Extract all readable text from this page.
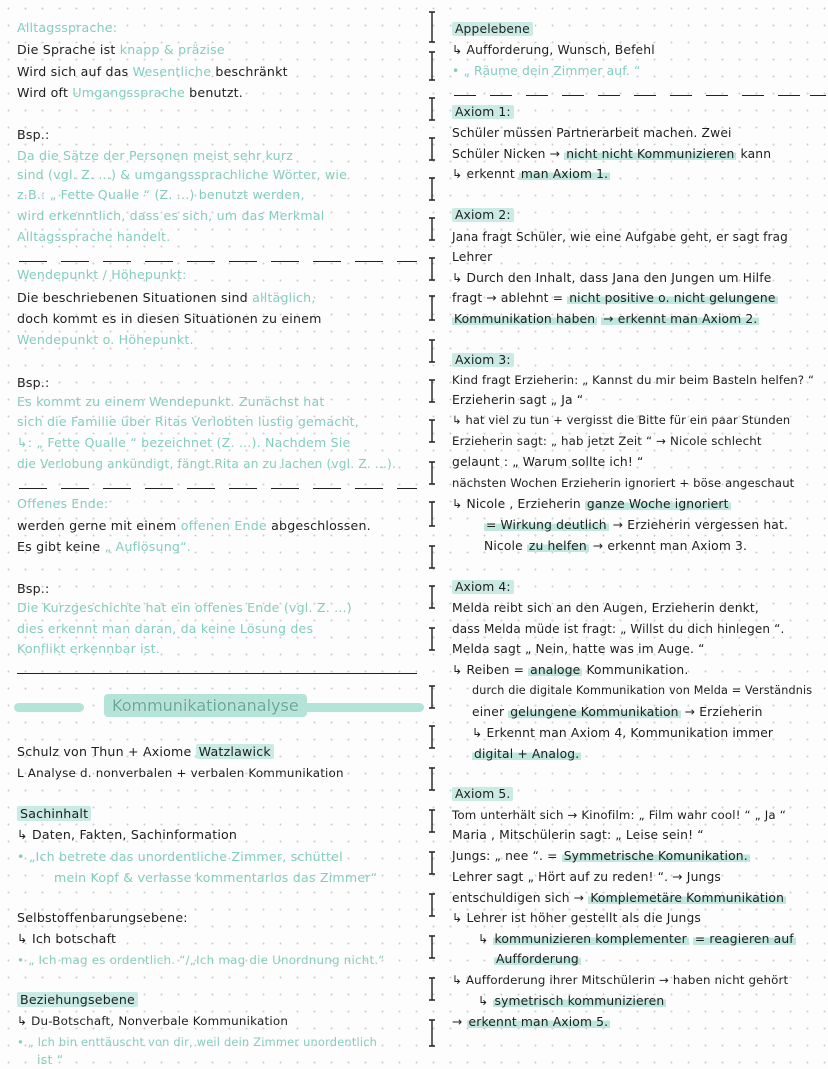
Alltagssprache:
Die Sprache ist knapp & präzise
Wird sich auf das Wesentliche beschränkt
Wird oft Umgangssprache benutzt.
Bsp.:
Da die Sätze der Personen meist sehr kurz
sind (vgl. Z. ...) & umgangssprachliche Wörter, wie
z.B.: „ Fette Qualle “ (Z. ...) benutzt werden,
wird erkenntlich, dass es sich, um das Merkmal
Alltagssprache handelt.
Wendepunkt / Höhepunkt:
Die beschriebenen Situationen sind alltäglich,
doch kommt es in diesen Situationen zu einem
Wendepunkt o. Höhepunkt.
Bsp.:
Es kommt zu einem Wendepunkt. Zunächst hat
sich die Familie über Ritas Verlobten lustig gemacht,
↳: „ Fette Qualle “ bezeichnet (Z. ...). Nachdem Sie
die Verlobung ankündigt, fängt Rita an zu lachen (vgl. Z. ...).
Offenes Ende:
werden gerne mit einem offenen Ende abgeschlossen.
Es gibt keine „ Auflösung“.
Bsp.:
Die Kurzgeschichte hat ein offenes Ende (vgl. Z. ...)
dies erkennt man daran, da keine Lösung des
Konflikt erkennbar ist.
Kommunikationanalyse
Schulz von Thun + Axiome Watzlawick
L Analyse d. nonverbalen + verbalen Kommunikation
Sachinhalt
↳ Daten, Fakten, Sachinformation
• „Ich betrete das unordentliche Zimmer, schüttel
mein Kopf & verlasse kommentarlos das Zimmer“
Selbstoffenbarungsebene:
↳ Ich botschaft
• „ Ich mag es ordentlich. “/„Ich mag die Unordnung nicht.“
Beziehungsebene
↳ Du-Botschaft, Nonverbale Kommunikation
• „ Ich bin enttäuscht von dir, weil dein Zimmer unordentlich
ist “
Appelebene
↳ Aufforderung, Wunsch, Befehl
• „ Räume dein Zimmer auf. “
Axiom 1:
Schüler müssen Partnerarbeit machen. Zwei
Schüler Nicken → nicht nicht Kommunizieren kann
↳ erkennt man Axiom 1.
Axiom 2:
Jana fragt Schüler, wie eine Aufgabe geht, er sagt frag
Lehrer
↳ Durch den Inhalt, dass Jana den Jungen um Hilfe
fragt → ablehnt = nicht positive o. nicht gelungene
Kommunikation haben → erkennt man Axiom 2.
Axiom 3:
Kind fragt Erzieherin: „ Kannst du mir beim Basteln helfen? “
Erzieherin sagt „ Ja “
↳ hat viel zu tun + vergisst die Bitte für ein paar Stunden
Erzieherin sagt: „ hab jetzt Zeit “ → Nicole schlecht
gelaunt : „ Warum sollte ich! “
nächsten Wochen Erzieherin ignoriert + böse angeschaut
↳ Nicole , Erzieherin ganze Woche ignoriert
= Wirkung deutlich → Erzieherin vergessen hat.
Nicole zu helfen → erkennt man Axiom 3.
Axiom 4:
Melda reibt sich an den Augen, Erzieherin denkt,
dass Melda müde ist fragt: „ Willst du dich hinlegen “.
Melda sagt „ Nein, hatte was im Auge. “
↳ Reiben = analoge Kommunikation.
durch die digitale Kommunikation von Melda = Verständnis
einer gelungene Kommunikation → Erzieherin
↳ Erkennt man Axiom 4, Kommunikation immer
digital + Analog.
Axiom 5.
Tom unterhält sich → Kinofilm: „ Film wahr cool! “ „ Ja “
Maria , Mitschülerin sagt: „ Leise sein! “
Jungs: „ nee “. = Symmetrische Komunikation.
Lehrer sagt „ Hört auf zu reden! “. → Jungs
entschuldigen sich → Komplemetäre Kommunikation
↳ Lehrer ist höher gestellt als die Jungs
↳ kommunizieren komplementer = reagieren auf
Aufforderung
↳ Aufforderung ihrer Mitschülerin → haben nicht gehört
↳ symetrisch kommunizieren
→ erkennt man Axiom 5.
